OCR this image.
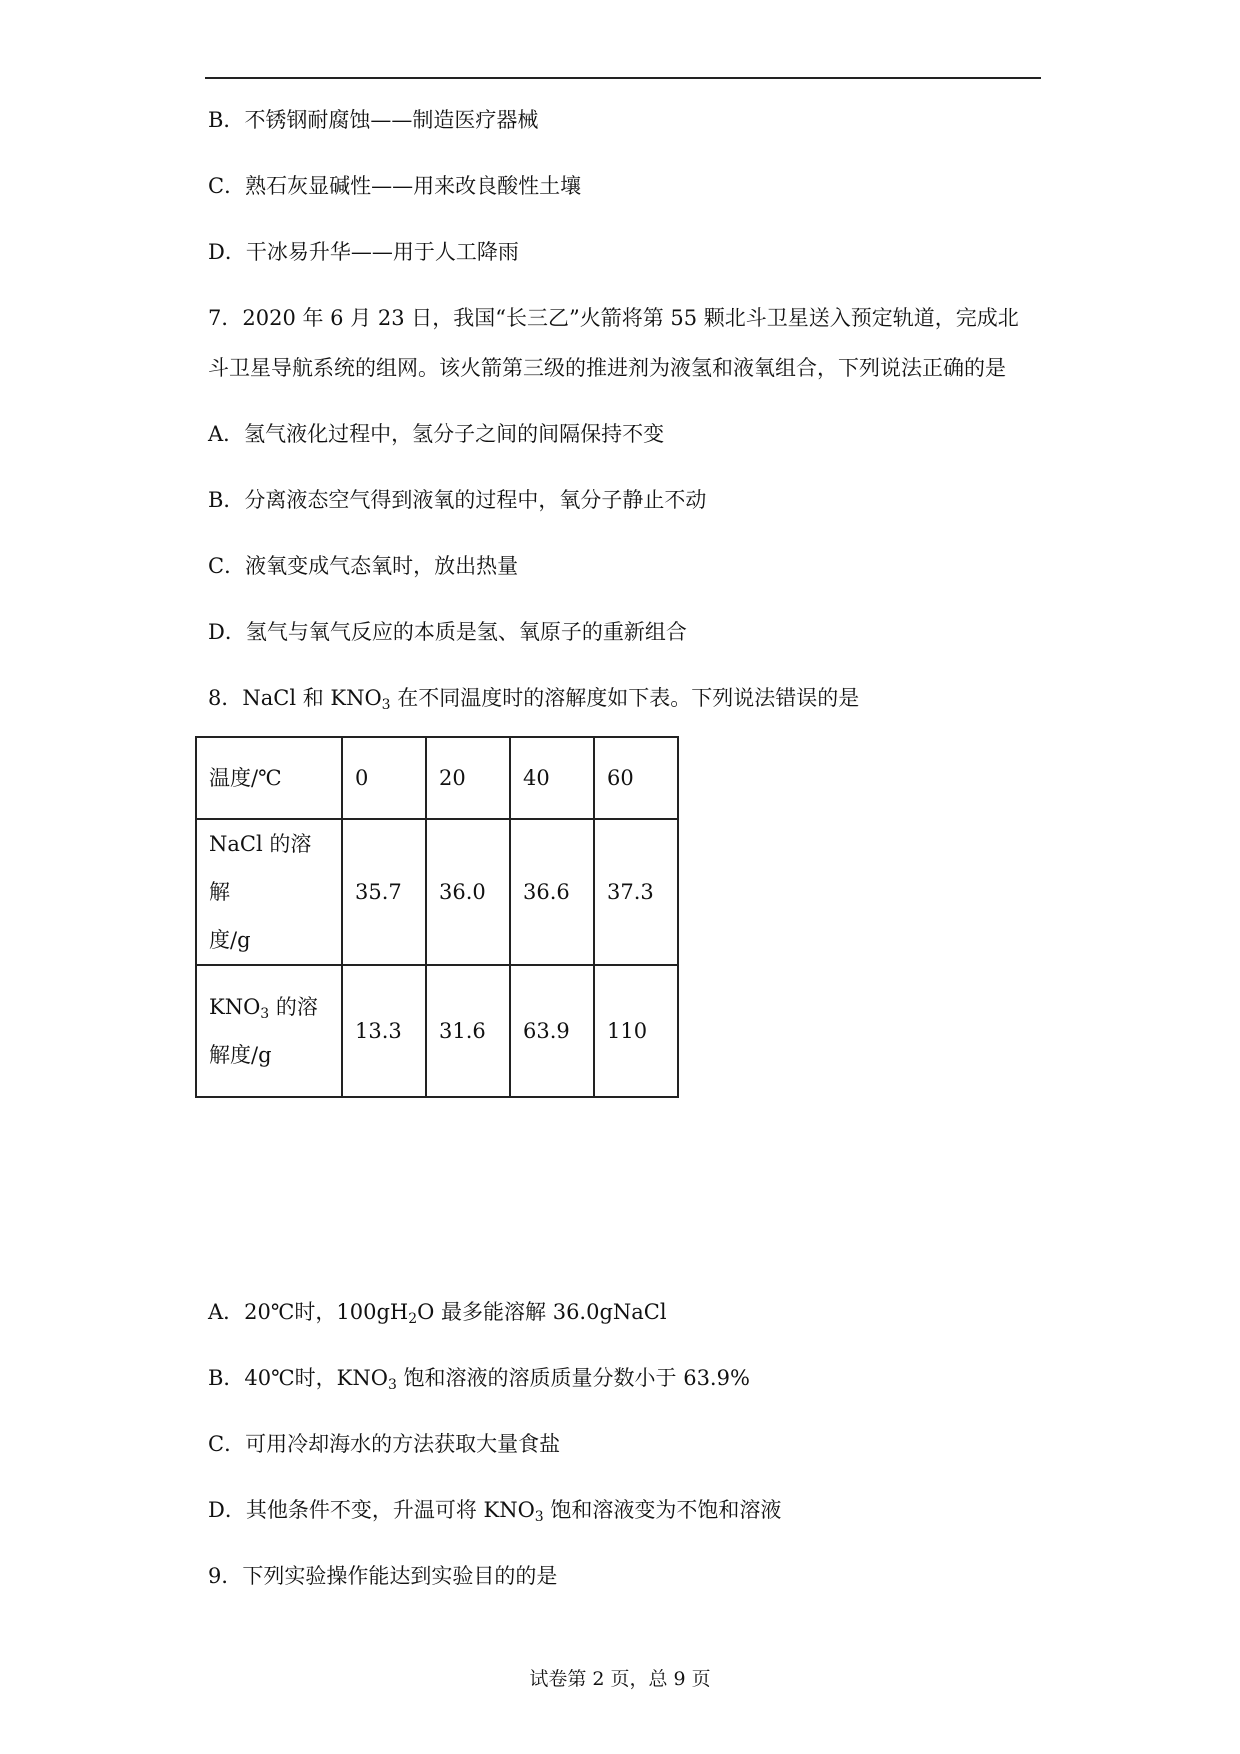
B．不锈钢耐腐蚀——制造医疗器械
C．熟石灰显碱性——用来改良酸性土壤
D．干冰易升华——用于人工降雨
7．2020 年 6 月 23 日，我国“长三乙”火箭将第 55 颗北斗卫星送入预定轨道，完成北
斗卫星导航系统的组网。该火箭第三级的推进剂为液氢和液氧组合，下列说法正确的是
A．氢气液化过程中，氢分子之间的间隔保持不变
B．分离液态空气得到液氧的过程中，氧分子静止不动
C．液氧变成气态氧时，放出热量
D．氢气与氧气反应的本质是氢、氧原子的重新组合
8．NaCl 和 $KNO_3$ 在不同温度时的溶解度如下表。下列说法错误的是
温度/℃	0	20	40	60
NaCl 的溶解
度/g	35.7	36.0	36.6	37.3
$KNO_3$ 的溶
解度/g	13.3	31.6	63.9	110
A．20℃时，$100gH_2O$ 最多能溶解 36.0gNaCl
B．40℃时，$KNO_3$ 饱和溶液的溶质质量分数小于 63.9%
C．可用冷却海水的方法获取大量食盐
D．其他条件不变，升温可将 $KNO_3$ 饱和溶液变为不饱和溶液
9．下列实验操作能达到实验目的的是
试卷第 2 页，总 9 页
